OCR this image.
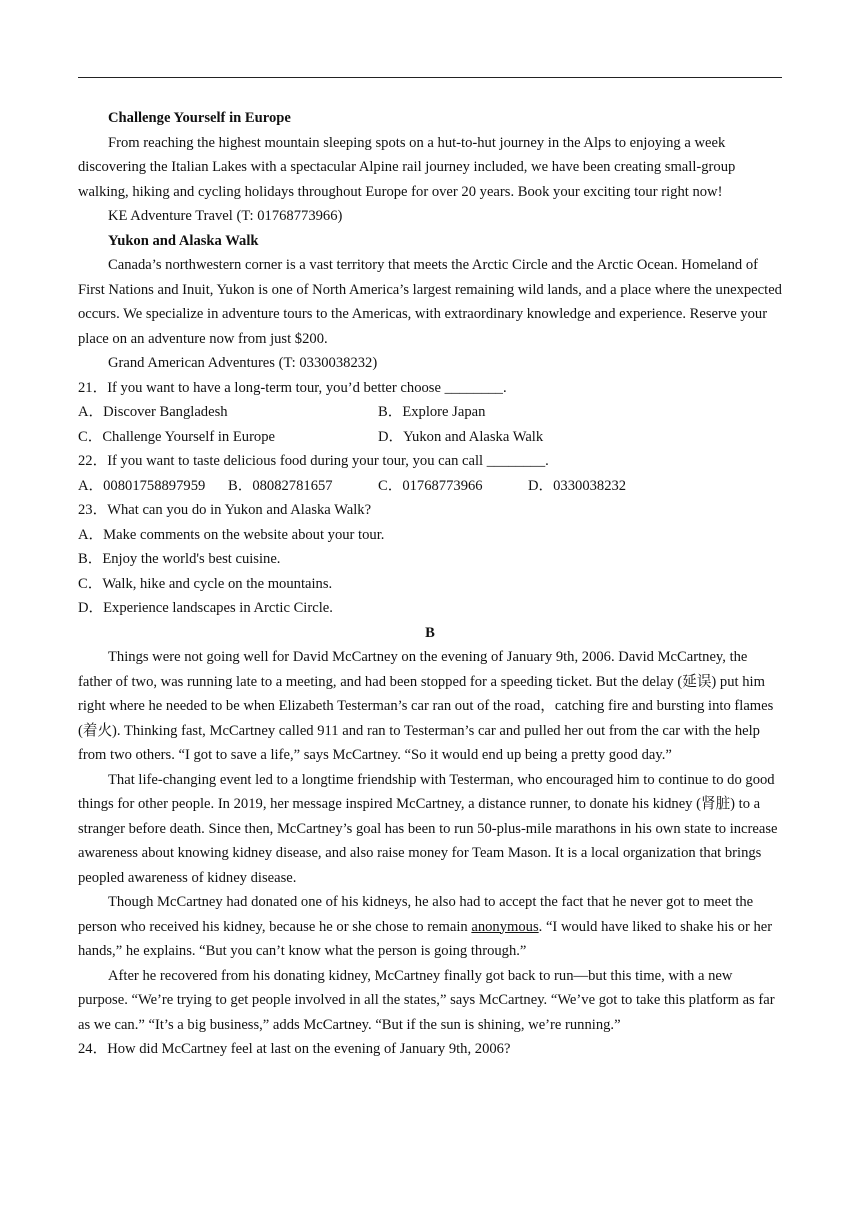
Challenge Yourself in Europe

From reaching the highest mountain sleeping spots on a hut-to-hut journey in the Alps to enjoying a week discovering the Italian Lakes with a spectacular Alpine rail journey included, we have been creating small-group walking, hiking and cycling holidays throughout Europe for over 20 years. Book your exciting tour right now!

KE Adventure Travel (T: 01768773966)

Yukon and Alaska Walk

Canada’s northwestern corner is a vast territory that meets the Arctic Circle and the Arctic Ocean. Homeland of First Nations and Inuit, Yukon is one of North America’s largest remaining wild lands, and a place where the unexpected occurs. We specialize in adventure tours to the Americas, with extraordinary knowledge and experience. Reserve your place on an adventure now from just $200.

Grand American Adventures (T: 0330038232)

21．If you want to have a long-term tour, you’d better choose ________.

A．Discover Bangladesh	B．Explore Japan
C．Challenge Yourself in Europe	D．Yukon and Alaska Walk

22．If you want to taste delicious food during your tour, you can call ________.

A．00801758897959	B．08082781657	C．01768773966	D．0330038232

23．What can you do in Yukon and Alaska Walk?

A．Make comments on the website about your tour.

B．Enjoy the world's best cuisine.

C．Walk, hike and cycle on the mountains.

D．Experience landscapes in Arctic Circle.

B

Things were not going well for David McCartney on the evening of January 9th, 2006. David McCartney, the father of two, was running late to a meeting, and had been stopped for a speeding ticket. But the delay (延误) put him right where he needed to be when Elizabeth Testerman’s car ran out of the road，catching fire and bursting into flames (着火). Thinking fast, McCartney called 911 and ran to Testerman’s car and pulled her out from the car with the help from two others. “I got to save a life,” says McCartney. “So it would end up being a pretty good day.”

That life-changing event led to a longtime friendship with Testerman, who encouraged him to continue to do good things for other people. In 2019, her message inspired McCartney, a distance runner, to donate his kidney (肾脏) to a stranger before death. Since then, McCartney’s goal has been to run 50-plus-mile marathons in his own state to increase awareness about knowing kidney disease, and also raise money for Team Mason. It is a local organization that brings peopled awareness of kidney disease.

Though McCartney had donated one of his kidneys, he also had to accept the fact that he never got to meet the person who received his kidney, because he or she chose to remain anonymous. “I would have liked to shake his or her hands,” he explains. “But you can’t know what the person is going through.”

After he recovered from his donating kidney, McCartney finally got back to run—but this time, with a new purpose. “We’re trying to get people involved in all the states,” says McCartney. “We’ve got to take this platform as far as we can.” “It’s a big business,” adds McCartney. “But if the sun is shining, we’re running.”

24．How did McCartney feel at last on the evening of January 9th, 2006?
